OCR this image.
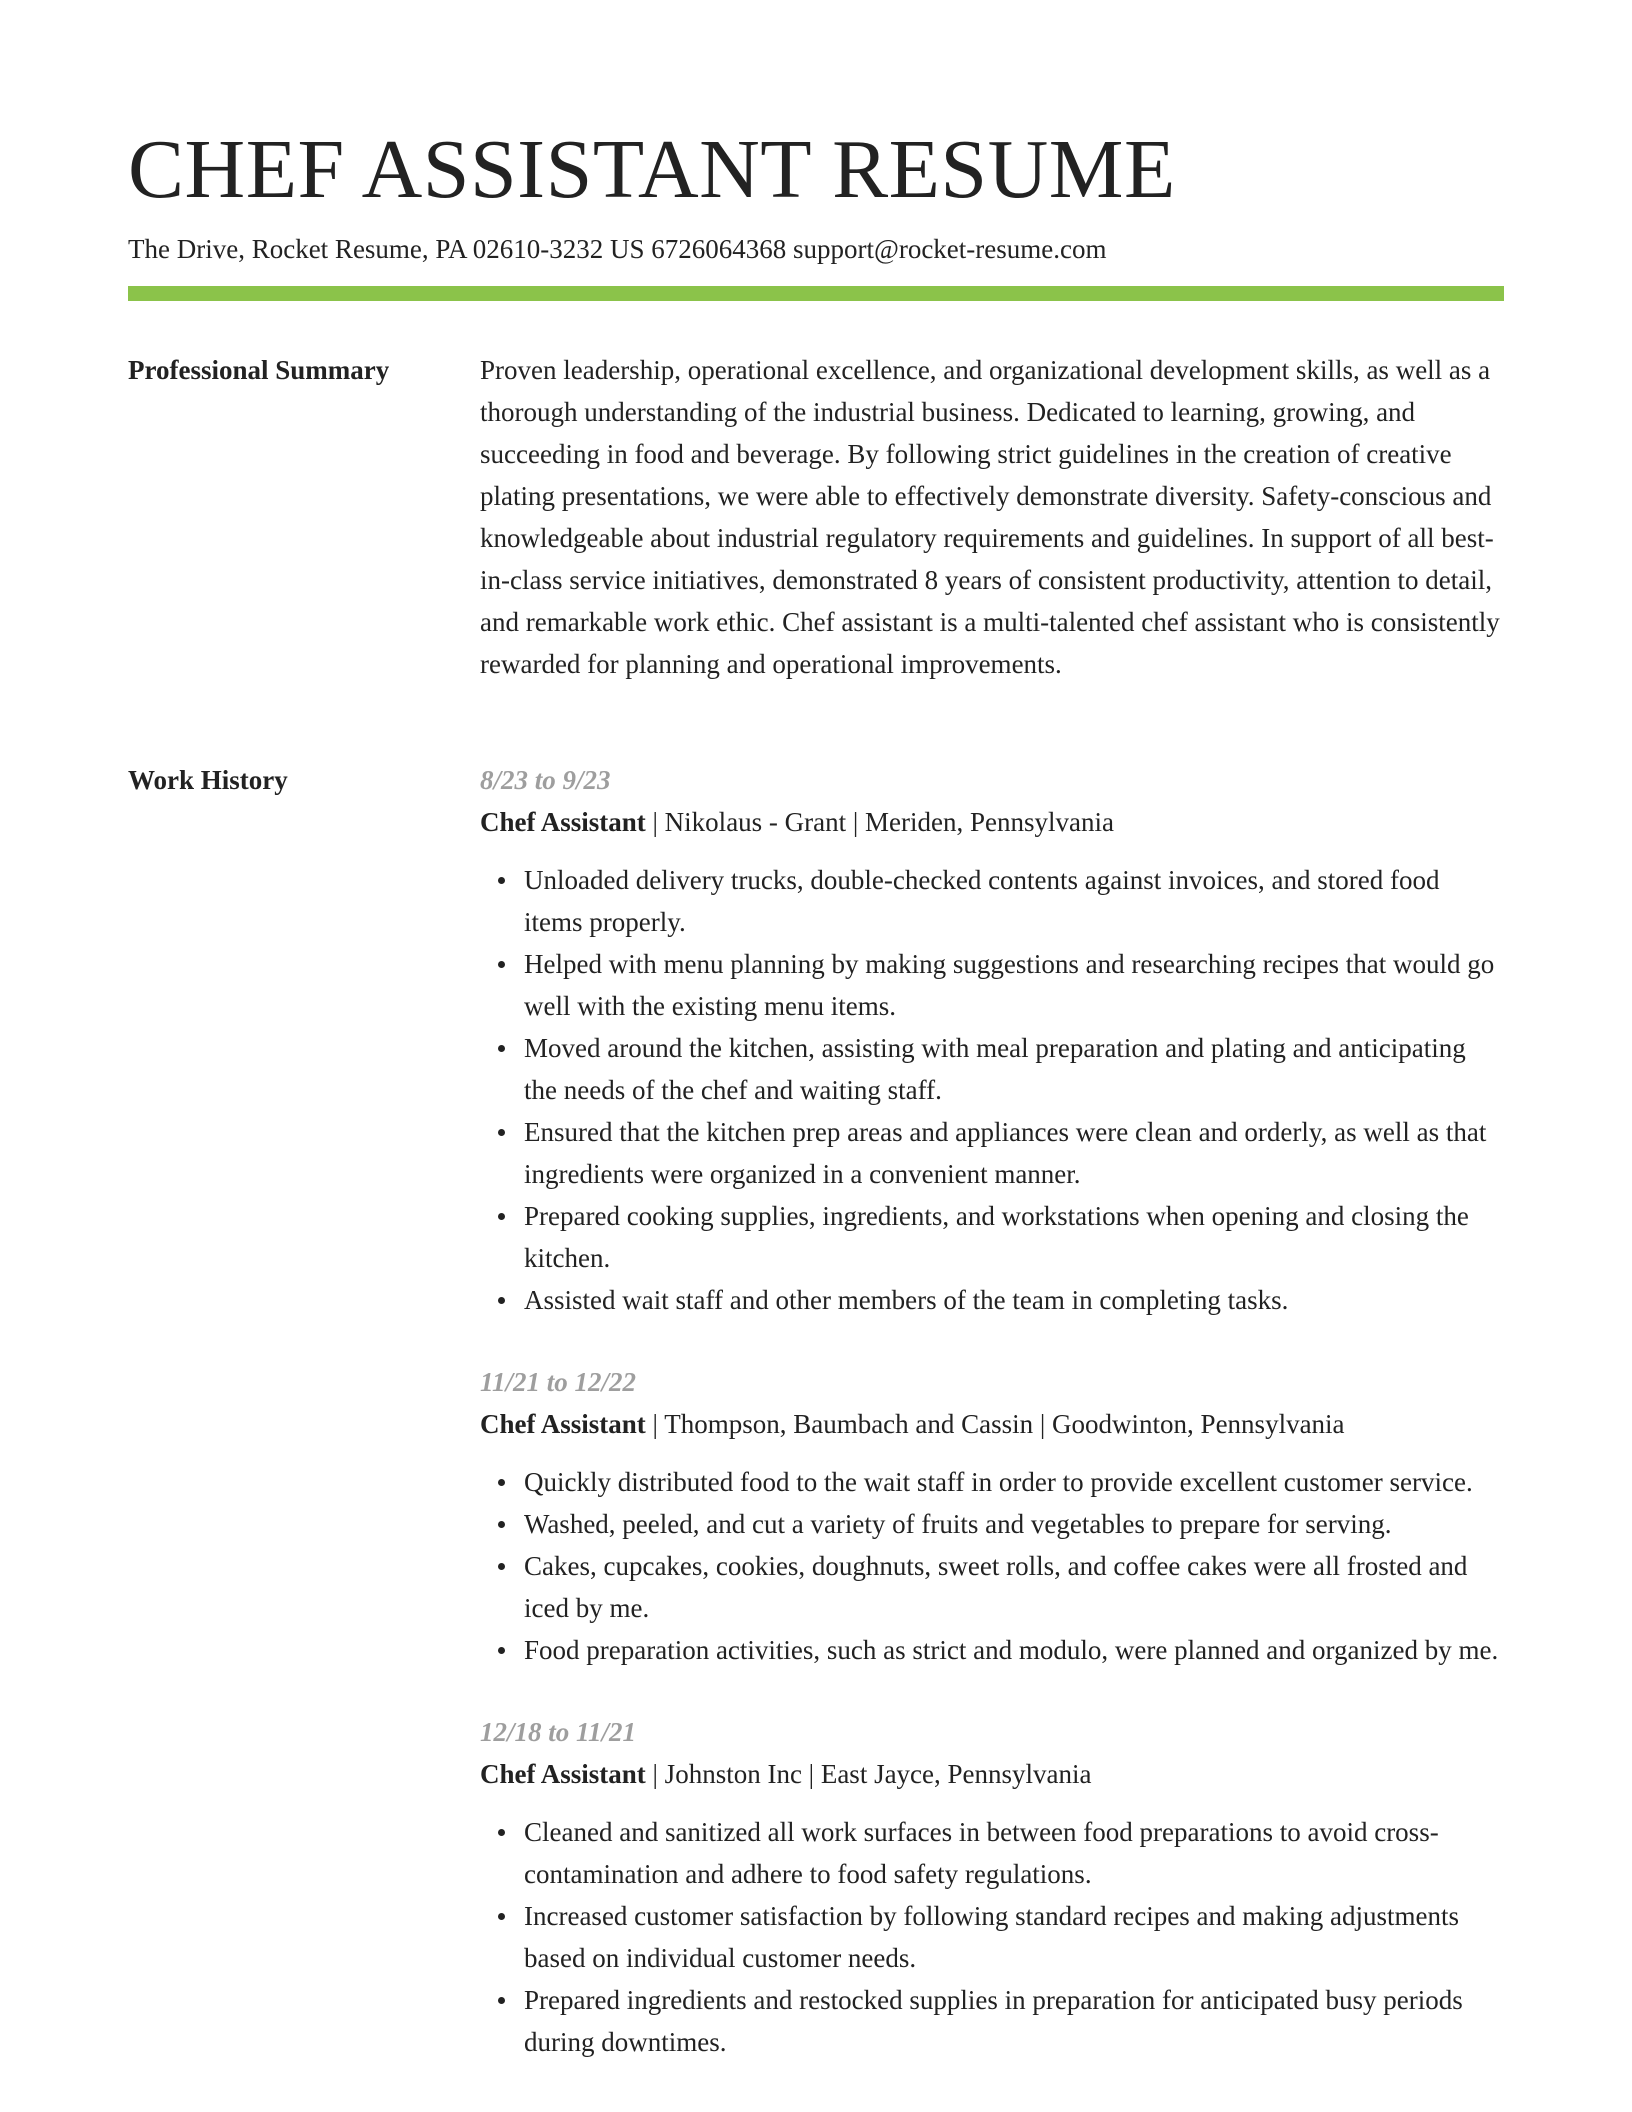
CHEF ASSISTANT RESUME
The Drive, Rocket Resume, PA 02610-3232 US 6726064368 support@rocket-resume.com
Professional Summary	Proven leadership, operational excellence, and organizational development skills, as well as a thorough understanding of the industrial business. Dedicated to learning, growing, and succeeding in food and beverage. By following strict guidelines in the creation of creative plating presentations, we were able to effectively demonstrate diversity. Safety-conscious and knowledgeable about industrial regulatory requirements and guidelines. In support of all best-in-class service initiatives, demonstrated 8 years of consistent productivity, attention to detail, and remarkable work ethic. Chef assistant is a multi-talented chef assistant who is consistently rewarded for planning and operational improvements.

Work History	8/23 to 9/23
Chef Assistant | Nikolaus - Grant | Meriden, Pennsylvania
Unloaded delivery trucks, double-checked contents against invoices, and stored food items properly.
Helped with menu planning by making suggestions and researching recipes that would go well with the existing menu items.
Moved around the kitchen, assisting with meal preparation and plating and anticipating the needs of the chef and waiting staff.
Ensured that the kitchen prep areas and appliances were clean and orderly, as well as that ingredients were organized in a convenient manner.
Prepared cooking supplies, ingredients, and workstations when opening and closing the kitchen.
Assisted wait staff and other members of the team in completing tasks.
11/21 to 12/22
Chef Assistant | Thompson, Baumbach and Cassin | Goodwinton, Pennsylvania
Quickly distributed food to the wait staff in order to provide excellent customer service.
Washed, peeled, and cut a variety of fruits and vegetables to prepare for serving.
Cakes, cupcakes, cookies, doughnuts, sweet rolls, and coffee cakes were all frosted and iced by me.
Food preparation activities, such as strict and modulo, were planned and organized by me.
12/18 to 11/21
Chef Assistant | Johnston Inc | East Jayce, Pennsylvania
Cleaned and sanitized all work surfaces in between food preparations to avoid cross-contamination and adhere to food safety regulations.
Increased customer satisfaction by following standard recipes and making adjustments based on individual customer needs.
Prepared ingredients and restocked supplies in preparation for anticipated busy periods during downtimes.
